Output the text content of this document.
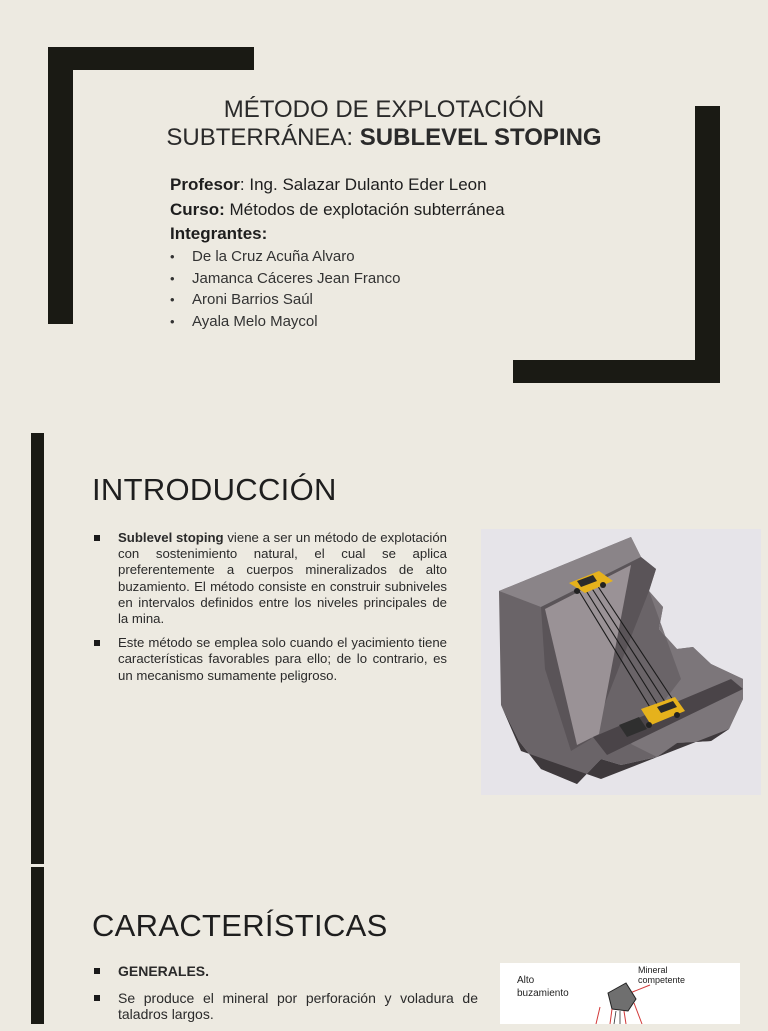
MÉTODO DE EXPLOTACIÓN
SUBTERRÁNEA: SUBLEVEL STOPING
Profesor: Ing. Salazar Dulanto Eder Leon
Curso: Métodos de explotación subterránea
Integrantes:
• De la Cruz Acuña Alvaro
• Jamanca Cáceres Jean Franco
• Aroni Barrios Saúl
• Ayala Melo Maycol
INTRODUCCIÓN
Sublevel stoping viene a ser un método de explotación con sostenimiento natural, el cual se aplica preferentemente a cuerpos mineralizados de alto buzamiento. El método consiste en construir subniveles en intervalos definidos entre los niveles principales de la mina.
Este método se emplea solo cuando el yacimiento tiene características favorables para ello; de lo contrario, es un mecanismo sumamente peligroso.
CARACTERÍSTICAS
GENERALES.
Se produce el mineral por perforación y voladura de taladros largos.
Alto
buzamiento
Mineral
competente
